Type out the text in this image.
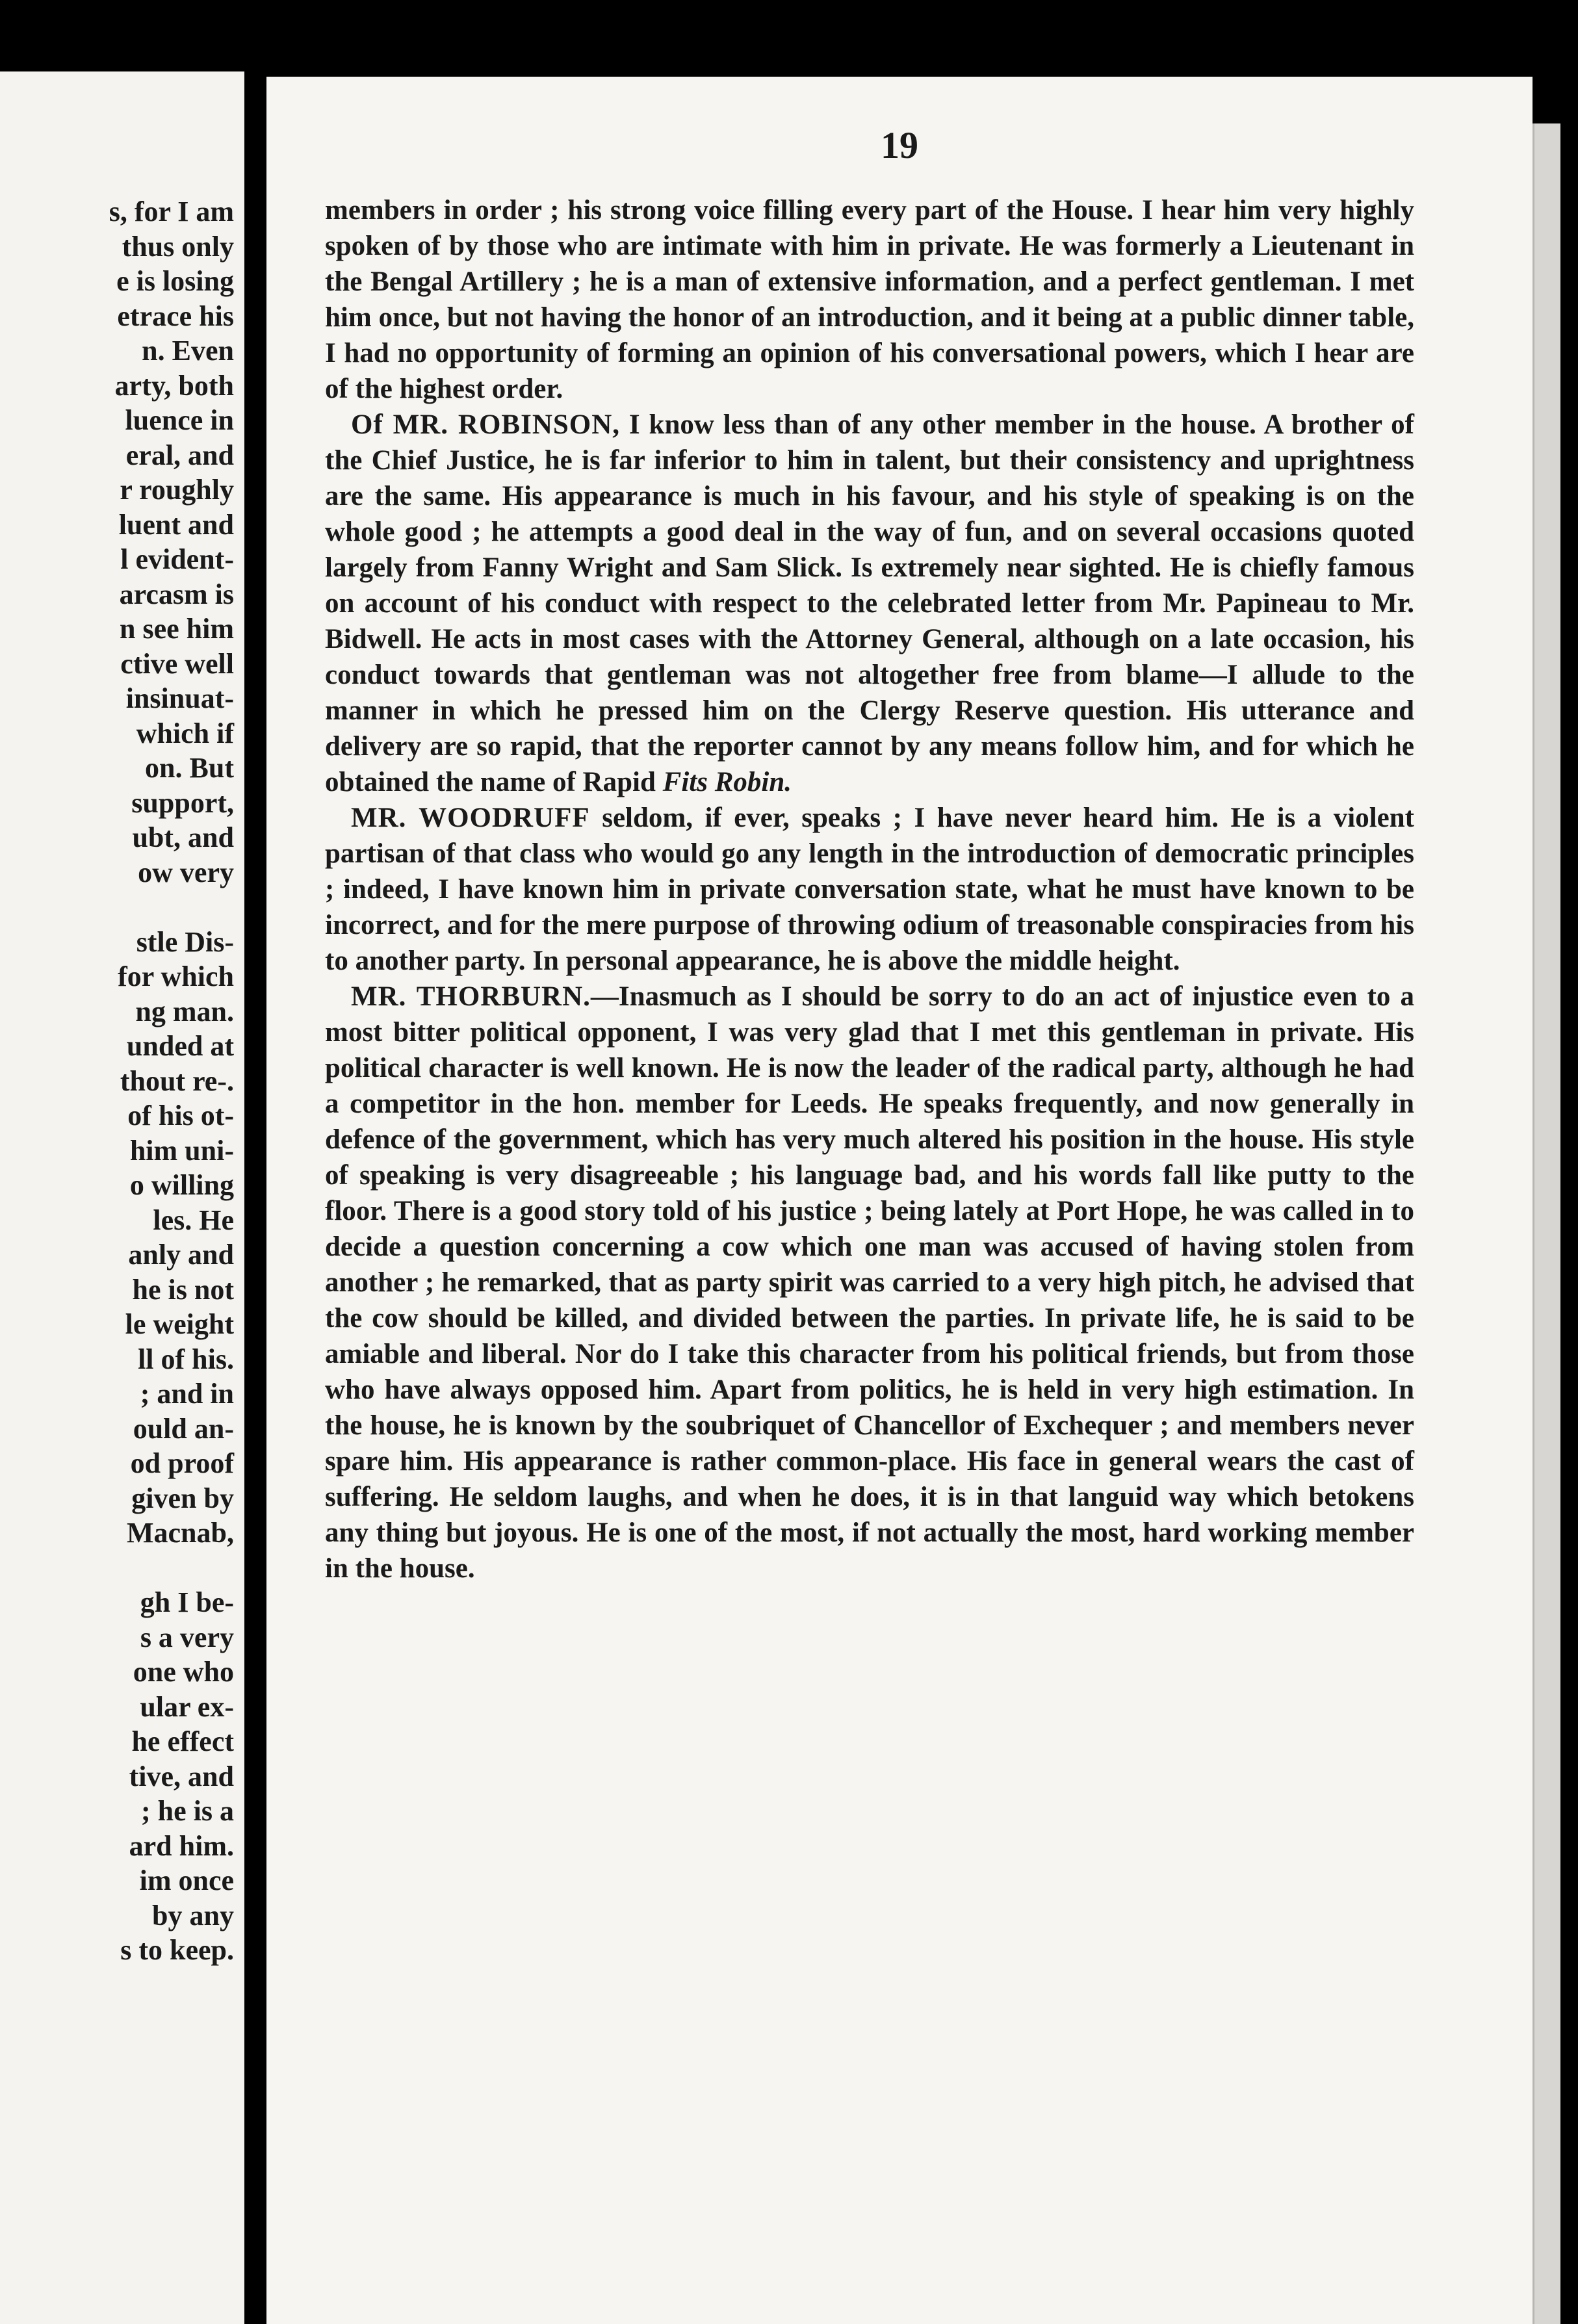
s, for I am
thus only
e is losing
etrace his
n. Even
arty, both
luence in
eral, and
r roughly
luent and
l evident-
arcasm is
n see him
ctive well
insinuat-
which if
on. But
support,
ubt, and
ow very
stle Dis-
for which
ng man.
unded at
thout re-.
of his ot-
him uni-
o willing
les. He
anly and
he is not
le weight
ll of his.
; and in
ould an-
od proof
given by
Macnab,
gh I be-
s a very
one who
ular ex-
he effect
tive, and
; he is a
ard him.
im once
by any
s to keep.
19

members in order ; his strong voice filling every part of the House. I hear him very highly spoken of by those who are intimate with him in private. He was formerly a Lieutenant in the Bengal Artillery ; he is a man of extensive information, and a perfect gentleman. I met him once, but not having the honor of an introduction, and it being at a public dinner table, I had no opportunity of forming an opinion of his conversational powers, which I hear are of the highest order.

Of MR. ROBINSON, I know less than of any other member in the house. A brother of the Chief Justice, he is far inferior to him in talent, but their consistency and uprightness are the same. His appearance is much in his favour, and his style of speaking is on the whole good ; he attempts a good deal in the way of fun, and on several occasions quoted largely from Fanny Wright and Sam Slick. Is extremely near sighted. He is chiefly famous on account of his conduct with respect to the celebrated letter from Mr. Papineau to Mr. Bidwell. He acts in most cases with the Attorney General, although on a late occasion, his conduct towards that gentleman was not altogether free from blame—I allude to the manner in which he pressed him on the Clergy Reserve question. His utterance and delivery are so rapid, that the reporter cannot by any means follow him, and for which he obtained the name of Rapid Fits Robin.

MR. WOODRUFF seldom, if ever, speaks ; I have never heard him. He is a violent partisan of that class who would go any length in the introduction of democratic principles ; indeed, I have known him in private conversation state, what he must have known to be incorrect, and for the mere purpose of throwing odium of treasonable conspiracies from his to another party. In personal appearance, he is above the middle height.

MR. THORBURN.—Inasmuch as I should be sorry to do an act of injustice even to a most bitter political opponent, I was very glad that I met this gentleman in private. His political character is well known. He is now the leader of the radical party, although he had a competitor in the hon. member for Leeds. He speaks frequently, and now generally in defence of the government, which has very much altered his position in the house. His style of speaking is very disagreeable ; his language bad, and his words fall like putty to the floor. There is a good story told of his justice ; being lately at Port Hope, he was called in to decide a question concerning a cow which one man was accused of having stolen from another ; he remarked, that as party spirit was carried to a very high pitch, he advised that the cow should be killed, and divided between the parties. In private life, he is said to be amiable and liberal. Nor do I take this character from his political friends, but from those who have always opposed him. Apart from politics, he is held in very high estimation. In the house, he is known by the soubriquet of Chancellor of Exchequer ; and members never spare him. His appearance is rather common-place. His face in general wears the cast of suffering. He seldom laughs, and when he does, it is in that languid way which betokens any thing but joyous. He is one of the most, if not actually the most, hard working member in the house.
